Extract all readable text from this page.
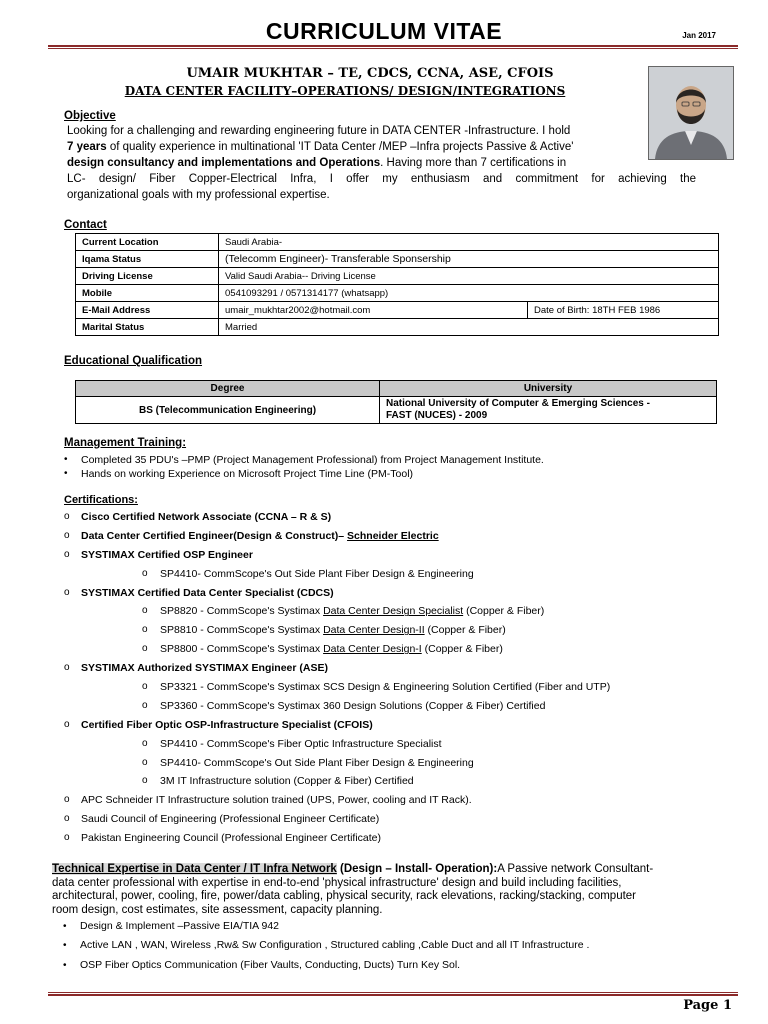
CURRICULUM VITAE	Jan 2017
UMAIR MUKHTAR – TE, CDCS, CCNA, ASE, CFOIS
DATA CENTER FACILITY–OPERATIONS/ DESIGN/INTEGRATIONS
Objective
Looking for a challenging and rewarding engineering future in DATA CENTER -Infrastructure. I hold
7 years of quality experience in multinational 'IT Data Center /MEP –Infra projects Passive & Active'
design consultancy and implementations and Operations. Having more than 7 certifications in
LC- design/ Fiber Copper-Electrical Infra, I offer my enthusiasm and commitment for achieving the
organizational goals with my professional expertise.
Contact
Current Location	Saudi Arabia-	
Iqama Status	(Telecomm Engineer)- Transferable Sponsership	
Driving License	Valid Saudi Arabia-- Driving License	
Mobile	0541093291 / 0571314177 (whatsapp)	
E-Mail Address	umair_mukhtar2002@hotmail.com	Date of Birth: 18TH FEB 1986
Marital Status	Married	
Educational Qualification
Degree	University
BS (Telecommunication Engineering)	National University of Computer & Emerging Sciences -
FAST (NUCES) - 2009
Management Training:
• Completed 35 PDU's –PMP (Project Management Professional) from Project Management Institute.
• Hands on working Experience on Microsoft Project Time Line (PM-Tool)
Certifications:
o Cisco Certified Network Associate (CCNA – R & S)
o Data Center Certified Engineer(Design & Construct)– Schneider Electric
o SYSTIMAX Certified OSP Engineer
o SP4410- CommScope's Out Side Plant Fiber Design & Engineering
o SYSTIMAX Certified Data Center Specialist (CDCS)
o SP8820 - CommScope's Systimax Data Center Design Specialist (Copper & Fiber)
o SP8810 - CommScope's Systimax Data Center Design-II (Copper & Fiber)
o SP8800 - CommScope's Systimax Data Center Design-I (Copper & Fiber)
o SYSTIMAX Authorized SYSTIMAX Engineer (ASE)
o SP3321 - CommScope's Systimax SCS Design & Engineering Solution Certified (Fiber and UTP)
o SP3360 - CommScope's Systimax 360 Design Solutions (Copper & Fiber) Certified
o Certified Fiber Optic OSP-Infrastructure Specialist (CFOIS)
o SP4410 - CommScope's Fiber Optic Infrastructure Specialist
o SP4410- CommScope's Out Side Plant Fiber Design & Engineering
o 3M IT Infrastructure solution (Copper & Fiber) Certified
o APC Schneider IT Infrastructure solution trained (UPS, Power, cooling and IT Rack).
o Saudi Council of Engineering (Professional Engineer Certificate)
o Pakistan Engineering Council (Professional Engineer Certificate)
Technical Expertise in Data Center / IT Infra Network (Design – Install- Operation):A Passive network Consultant-
data center professional with expertise in end-to-end 'physical infrastructure' design and build including facilities,
architectural, power, cooling, fire, power/data cabling, physical security, rack elevations, racking/stacking, computer
room design, cost estimates, site assessment, capacity planning.
• Design & Implement –Passive EIA/TIA 942
• Active LAN , WAN, Wireless ,Rw& Sw Configuration , Structured cabling ,Cable Duct and all IT Infrastructure .
• OSP Fiber Optics Communication (Fiber Vaults, Conducting, Ducts) Turn Key Sol.
Page 1
